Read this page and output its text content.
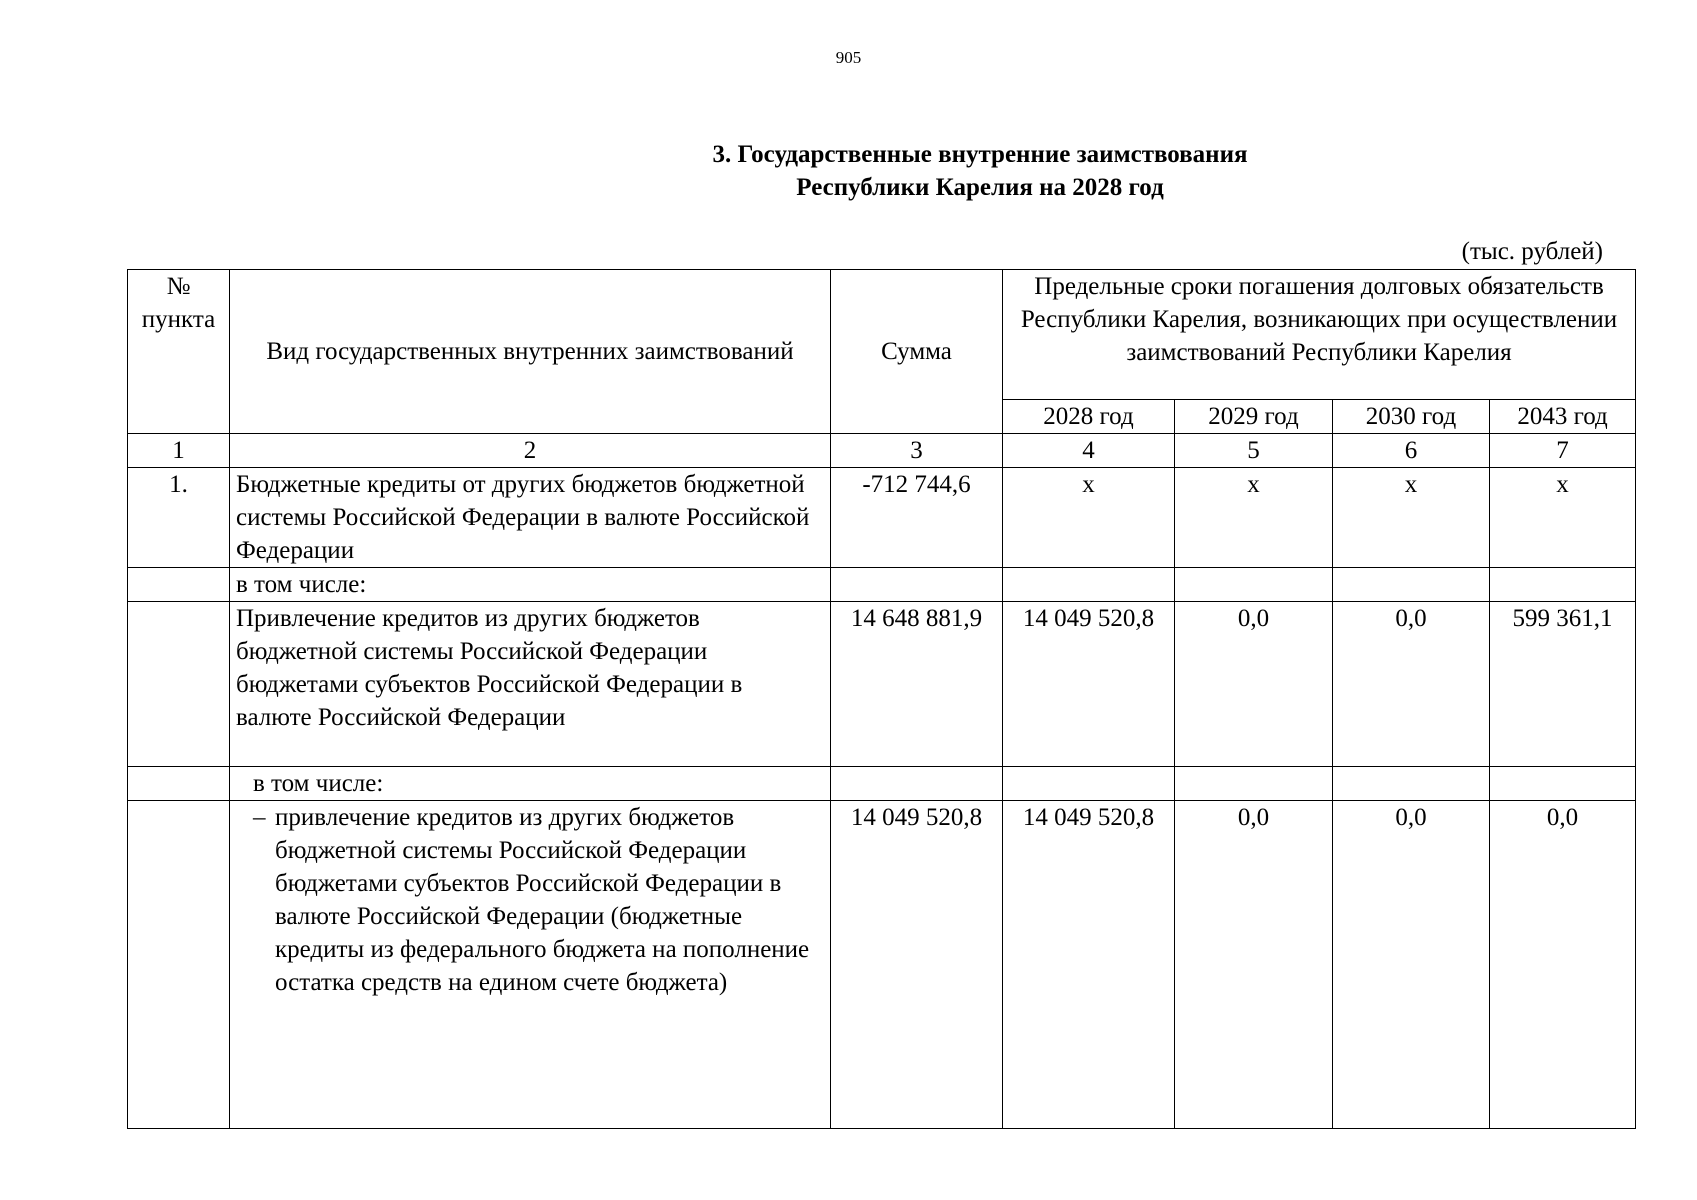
905
3. Государственные внутренние заимствования
Республики Карелия на 2028 год
(тыс. рублей)
№ пункта	Вид государственных внутренних заимствований	Сумма	Предельные сроки погашения долговых обязательств Республики Карелия, возникающих при осуществлении заимствований Республики Карелия			
			2028 год	2029 год	2030 год	2043 год
1	2	3	4	5	6	7
1.	Бюджетные кредиты от других бюджетов бюджетной системы Российской Федерации в валюте Российской Федерации	-712 744,6	х	х	х	х
	в том числе:					
	Привлечение кредитов из других бюджетов бюджетной системы Российской Федерации бюджетами субъектов Российской Федерации в валюте Российской Федерации	14 648 881,9	14 049 520,8	0,0	0,0	599 361,1
	в том числе:					

	– привлечение кредитов из других бюджетов бюджетной системы Российской Федерации бюджетами субъектов Российской Федерации в валюте Российской Федерации (бюджетные кредиты из федерального бюджета на пополнение остатка средств на едином счете бюджета)	14 049 520,8	14 049 520,8	0,0	0,0	0,0
